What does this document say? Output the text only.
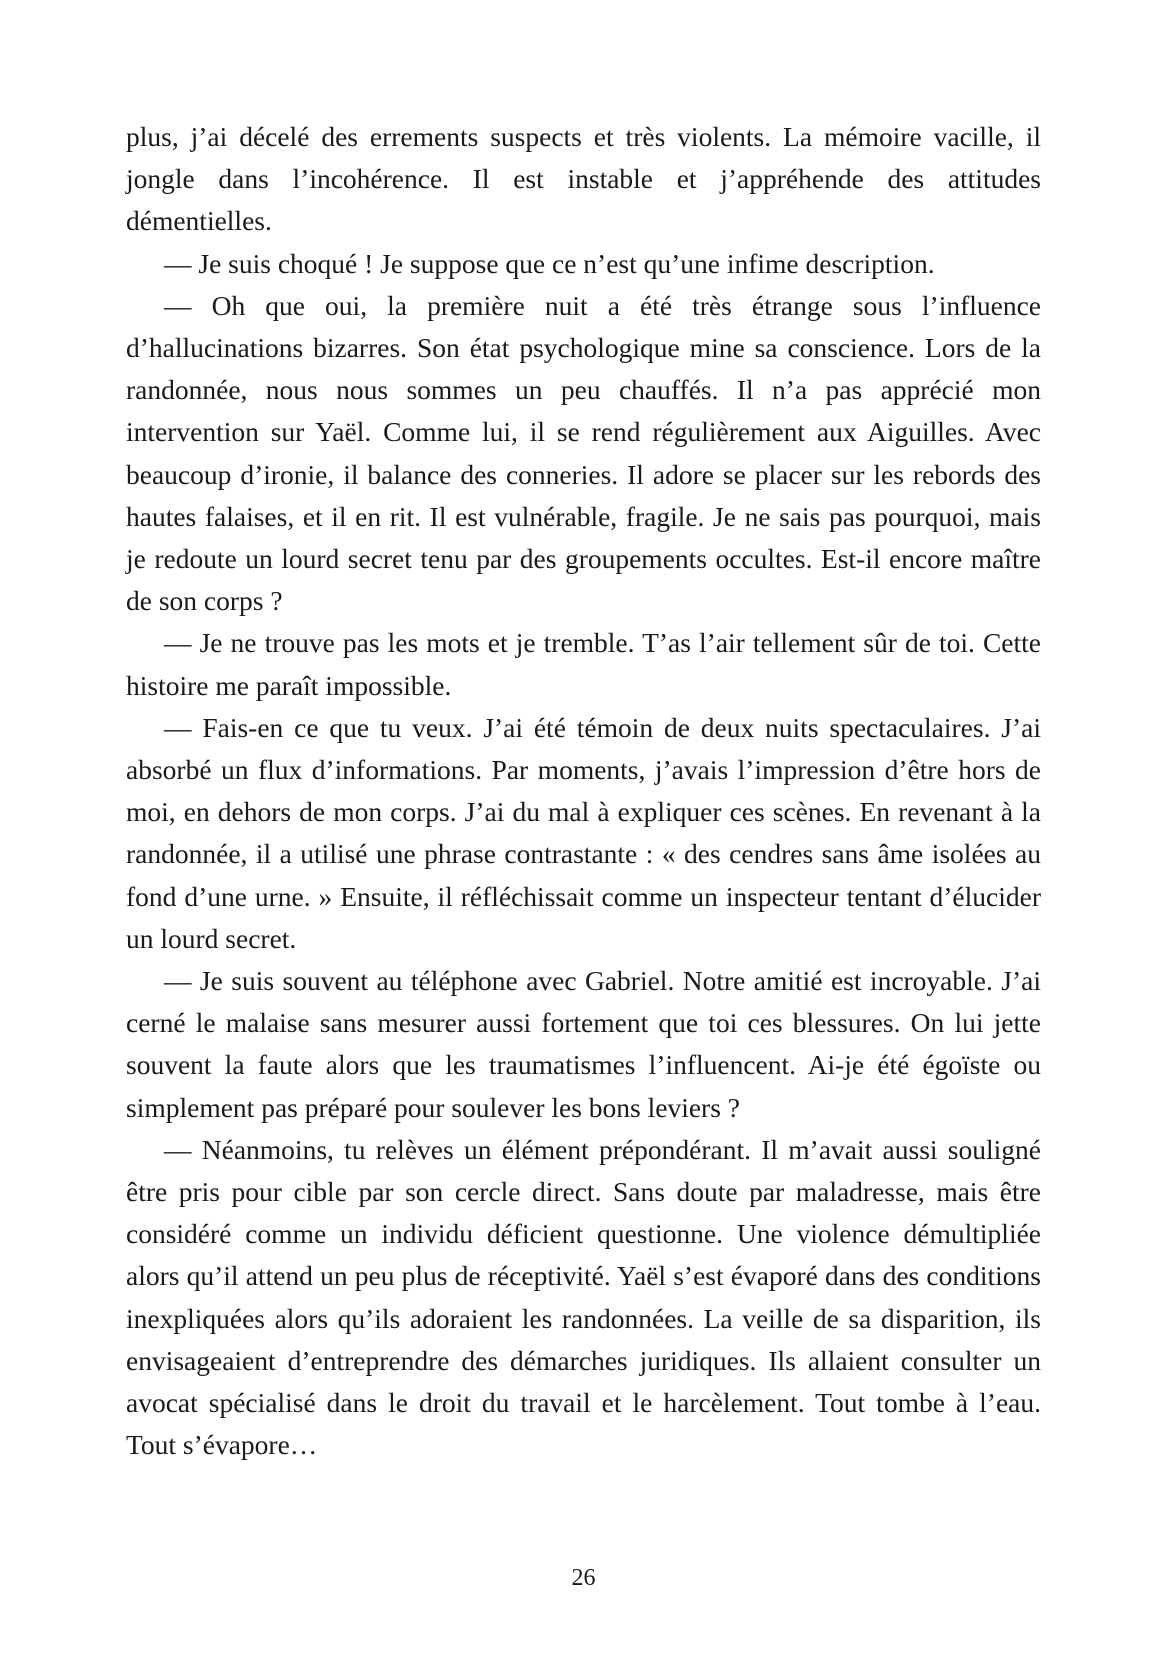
plus, j’ai décelé des errements suspects et très violents. La mémoire vacille, il jongle dans l’incohérence. Il est instable et j’appréhende des attitudes démentielles.

— Je suis choqué ! Je suppose que ce n’est qu’une infime description.

— Oh que oui, la première nuit a été très étrange sous l’influence d’hallucinations bizarres. Son état psychologique mine sa conscience. Lors de la randonnée, nous nous sommes un peu chauffés. Il n’a pas apprécié mon intervention sur Yaël. Comme lui, il se rend régulièrement aux Aiguilles. Avec beaucoup d’ironie, il balance des conneries. Il adore se placer sur les rebords des hautes falaises, et il en rit. Il est vulnérable, fragile. Je ne sais pas pourquoi, mais je redoute un lourd secret tenu par des groupements occultes. Est-il encore maître de son corps ?

— Je ne trouve pas les mots et je tremble. T’as l’air tellement sûr de toi. Cette histoire me paraît impossible.

— Fais-en ce que tu veux. J’ai été témoin de deux nuits spectaculaires. J’ai absorbé un flux d’informations. Par moments, j’avais l’impression d’être hors de moi, en dehors de mon corps. J’ai du mal à expliquer ces scènes. En revenant à la randonnée, il a utilisé une phrase contrastante : « des cendres sans âme isolées au fond d’une urne. » Ensuite, il réfléchissait comme un inspecteur tentant d’élucider un lourd secret.

— Je suis souvent au téléphone avec Gabriel. Notre amitié est incroyable. J’ai cerné le malaise sans mesurer aussi fortement que toi ces blessures. On lui jette souvent la faute alors que les traumatismes l’influencent. Ai-je été égoïste ou simplement pas préparé pour soulever les bons leviers ?

— Néanmoins, tu relèves un élément prépondérant. Il m’avait aussi souligné être pris pour cible par son cercle direct. Sans doute par maladresse, mais être considéré comme un individu déficient questionne. Une violence démultipliée alors qu’il attend un peu plus de réceptivité. Yaël s’est évaporé dans des conditions inexpliquées alors qu’ils adoraient les randonnées. La veille de sa disparition, ils envisageaient d’entreprendre des démarches juridiques. Ils allaient consulter un avocat spécialisé dans le droit du travail et le harcèlement. Tout tombe à l’eau. Tout s’évapore…

26
